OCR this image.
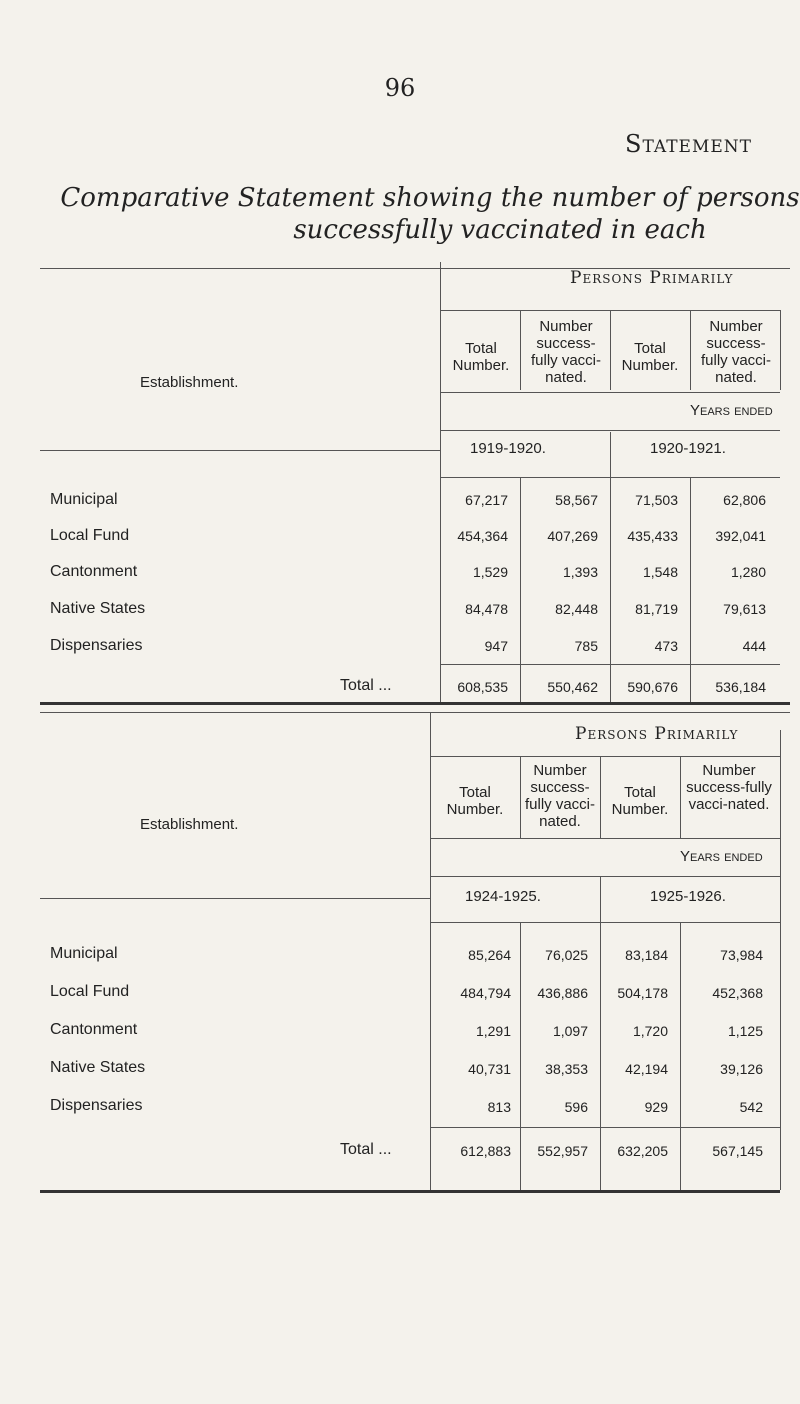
96
Statement
Comparative Statement showing the number of persons
successfully vaccinated in each
Persons Primarily
Total Number.
Number success-fully vacci-nated.
Total Number.
Number success-fully vacci-nated.
Establishment.
Years ended
1919-1920.	1920-1921.
Municipal	67,217	58,567	71,503	62,806
Local Fund	454,364	407,269	435,433	392,041
Cantonment	1,529	1,393	1,548	1,280
Native States	84,478	82,448	81,719	79,613
Dispensaries	947	785	473	444
Total ...	608,535	550,462	590,676	536,184
Persons Primarily
Total Number.
Number success-fully vacci-nated.
Total Number.
Number success-fully vacci-nated.
Establishment.
Years ended
1924-1925.	1925-1926.
Municipal	85,264	76,025	83,184	73,984
Local Fund	484,794	436,886	504,178	452,368
Cantonment	1,291	1,097	1,720	1,125
Native States	40,731	38,353	42,194	39,126
Dispensaries	813	596	929	542
Total ...	612,883	552,957	632,205	567,145
